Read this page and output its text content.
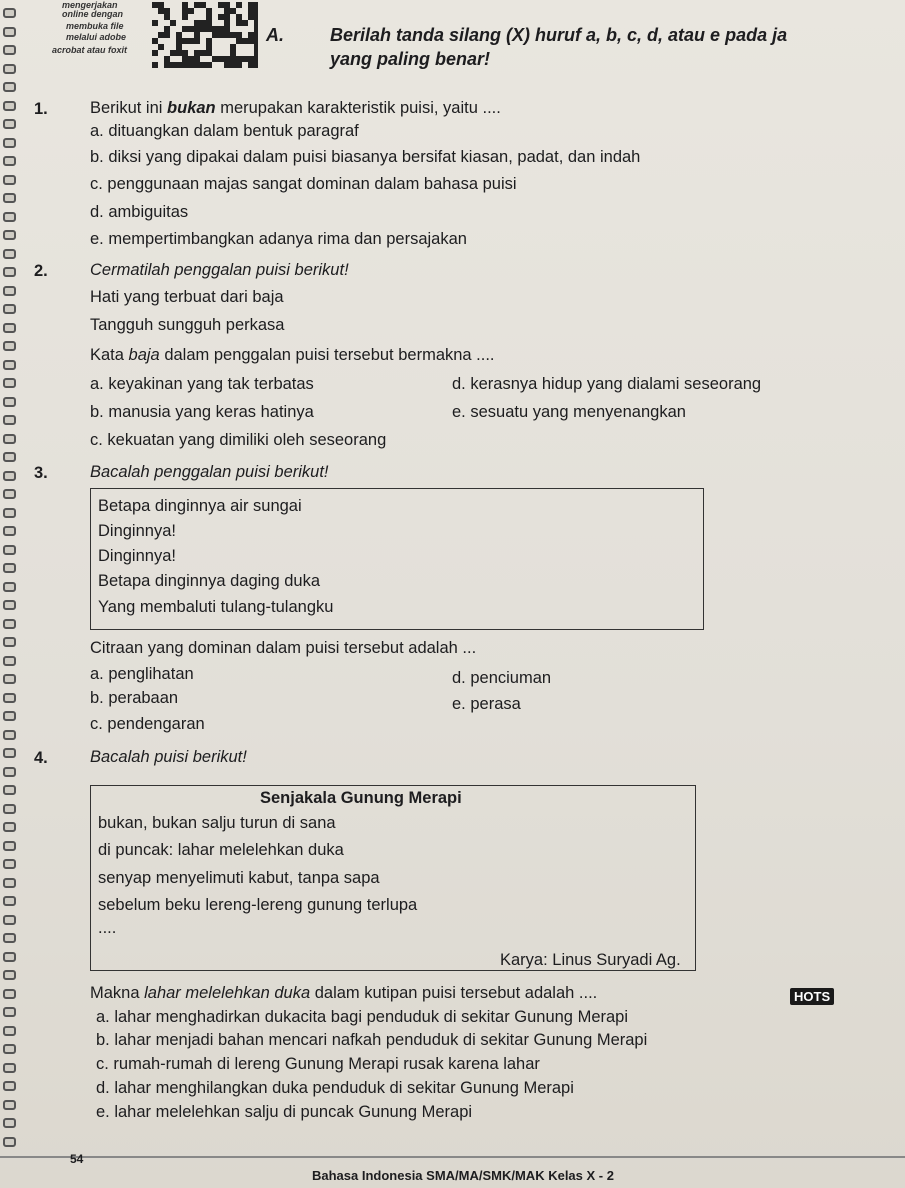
mengerjakan
online dengan
membuka file
melalui adobe
acrobat atau foxit
A.	Berilah tanda silang (X) huruf a, b, c, d, atau e pada ja
yang paling benar!
1.	Berikut ini bukan merupakan karakteristik puisi, yaitu ....
a. dituangkan dalam bentuk paragraf
b. diksi yang dipakai dalam puisi biasanya bersifat kiasan, padat, dan indah
c. penggunaan majas sangat dominan dalam bahasa puisi
d. ambiguitas
e. mempertimbangkan adanya rima dan persajakan
2.	Cermatilah penggalan puisi berikut!
Hati yang terbuat dari baja
Tangguh sungguh perkasa
Kata baja dalam penggalan puisi tersebut bermakna ....
a. keyakinan yang tak terbatas	d. kerasnya hidup yang dialami seseorang
b. manusia yang keras hatinya	e. sesuatu yang menyenangkan
c. kekuatan yang dimiliki oleh seseorang
3.	Bacalah penggalan puisi berikut!
Betapa dinginnya air sungai
Dinginnya!
Dinginnya!
Betapa dinginnya daging duka
Yang membaluti tulang-tulangku
Citraan yang dominan dalam puisi tersebut adalah ...
a. penglihatan	d. penciuman
b. perabaan	e. perasa
c. pendengaran
4.	Bacalah puisi berikut!
Senjakala Gunung Merapi
bukan, bukan salju turun di sana
di puncak: lahar melelehkan duka
senyap menyelimuti kabut, tanpa sapa
sebelum beku lereng-lereng gunung terlupa
....
Karya: Linus Suryadi Ag.
Makna lahar melelehkan duka dalam kutipan puisi tersebut adalah ....	HOTS
a. lahar menghadirkan dukacita bagi penduduk di sekitar Gunung Merapi
b. lahar menjadi bahan mencari nafkah penduduk di sekitar Gunung Merapi
c. rumah-rumah di lereng Gunung Merapi rusak karena lahar
d. lahar menghilangkan duka penduduk di sekitar Gunung Merapi
e. lahar melelehkan salju di puncak Gunung Merapi
54
Bahasa Indonesia SMA/MA/SMK/MAK Kelas X - 2
